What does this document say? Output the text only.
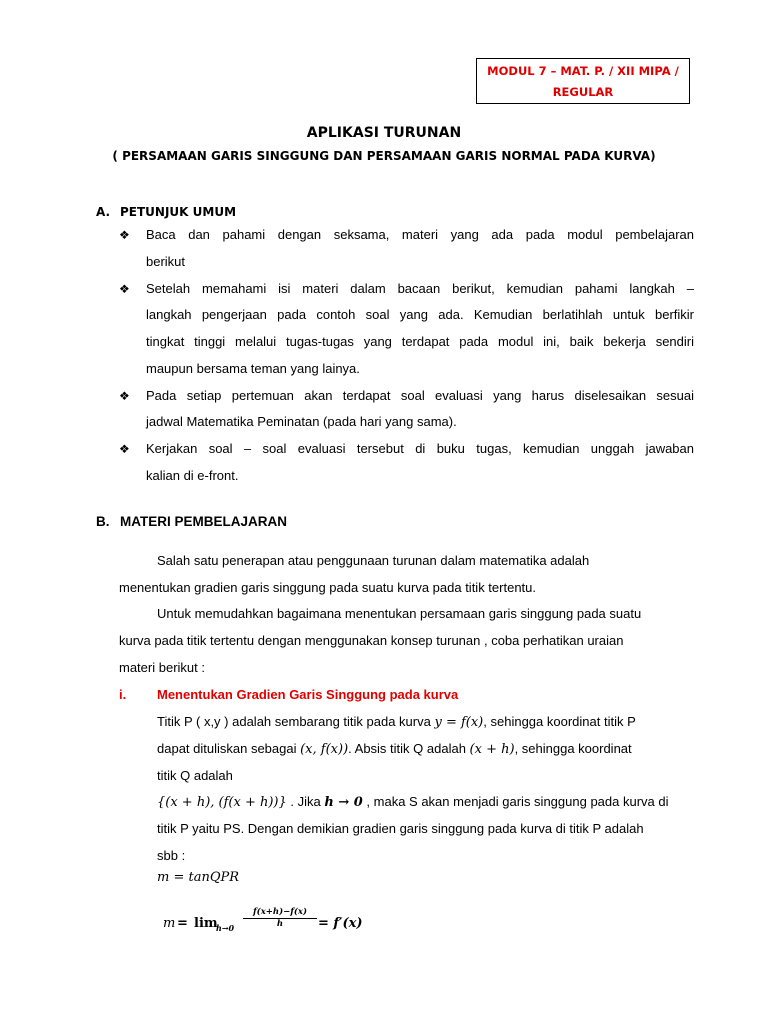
MODUL 7 – MAT. P. / XII MIPA /
REGULAR
APLIKASI TURUNAN
( PERSAMAAN GARIS SINGGUNG DAN PERSAMAAN GARIS NORMAL PADA KURVA)
A. PETUNJUK UMUM
❖ Baca dan pahami dengan seksama, materi yang ada pada modul pembelajaran
berikut
❖ Setelah memahami isi materi dalam bacaan berikut, kemudian pahami langkah –
langkah pengerjaan pada contoh soal yang ada. Kemudian berlatihlah untuk berfikir
tingkat tinggi melalui tugas-tugas yang terdapat pada modul ini, baik bekerja sendiri
maupun bersama teman yang lainya.
❖ Pada setiap pertemuan akan terdapat soal evaluasi yang harus diselesaikan sesuai
jadwal Matematika Peminatan (pada hari yang sama).
❖ Kerjakan soal – soal evaluasi tersebut di buku tugas, kemudian unggah jawaban
kalian di e-front.
B. MATERI PEMBELAJARAN
Salah satu penerapan atau penggunaan turunan dalam matematika adalah
menentukan gradien garis singgung pada suatu kurva pada titik tertentu.
Untuk memudahkan bagaimana menentukan persamaan garis singgung pada suatu
kurva pada titik tertentu dengan menggunakan konsep turunan , coba perhatikan uraian
materi berikut :
i. Menentukan Gradien Garis Singgung pada kurva
Titik P ( x,y ) adalah sembarang titik pada kurva y = f(x), sehingga koordinat titik P
dapat dituliskan sebagai (x, f(x)). Absis titik Q adalah (x + h), sehingga koordinat
titik Q adalah
{(x + h), (f(x + h))} . Jika h → 0 , maka S akan menjadi garis singgung pada kurva di
titik P yaitu PS. Dengan demikian gradien garis singgung pada kurva di titik P adalah
sbb :
m = tanQPR
m = lim
$h\to 0 \frac{f(x+h)-f(x)}{h} = f'(x)$
